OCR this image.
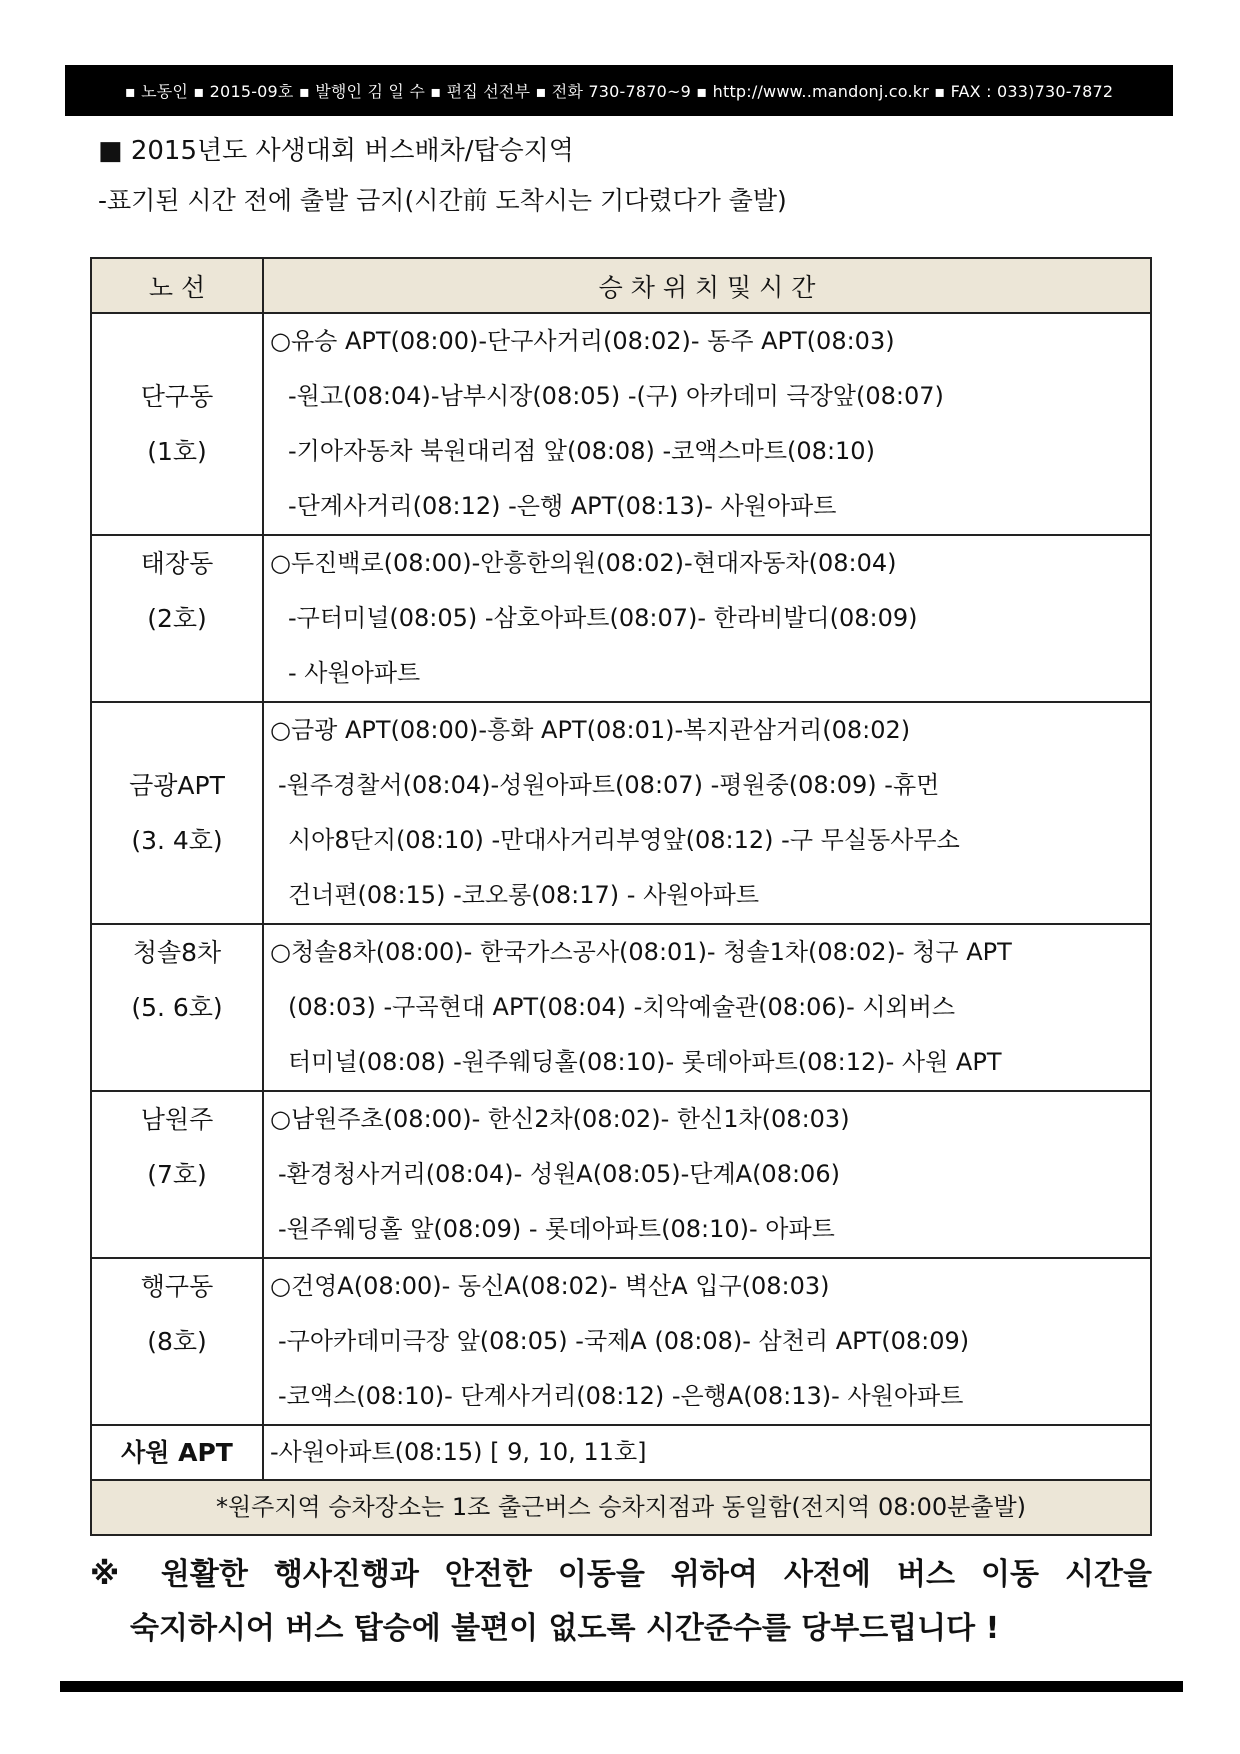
▪ 노동인 ▪ 2015-09호 ▪ 발행인 김 일 수 ▪ 편집 선전부 ▪ 전화 730-7870~9 ▪ http://www..mandonj.co.kr ▪ FAX : 033)730-7872
■ 2015년도 사생대회 버스배차/탑승지역
-표기된 시간 전에 출발 금지(시간前 도착시는 기다렸다가 출발)
노 선	승 차 위 치 및 시 간

단구동
(1호)	○유승 APT(08:00)-단구사거리(08:02)- 동주 APT(08:03)
-원고(08:04)-남부시장(08:05) -(구) 아카데미 극장앞(08:07)
-기아자동차 북원대리점 앞(08:08) -코액스마트(08:10)
-단계사거리(08:12) -은행 APT(08:13)- 사원아파트

태장동
(2호)	○두진백로(08:00)-안흥한의원(08:02)-현대자동차(08:04)
-구터미널(08:05) -삼호아파트(08:07)- 한라비발디(08:09)
- 사원아파트

금광APT
(3. 4호)	○금광 APT(08:00)-흥화 APT(08:01)-복지관삼거리(08:02)
-원주경찰서(08:04)-성원아파트(08:07) -평원중(08:09) -휴먼
시아8단지(08:10) -만대사거리부영앞(08:12) -구 무실동사무소
건너편(08:15) -코오롱(08:17) - 사원아파트

청솔8차
(5. 6호)	○청솔8차(08:00)- 한국가스공사(08:01)- 청솔1차(08:02)- 청구 APT
(08:03) -구곡현대 APT(08:04) -치악예술관(08:06)- 시외버스
터미널(08:08) -원주웨딩홀(08:10)- 롯데아파트(08:12)- 사원 APT

남원주
(7호)	○남원주초(08:00)- 한신2차(08:02)- 한신1차(08:03)
-환경청사거리(08:04)- 성원A(08:05)-단계A(08:06)
-원주웨딩홀 앞(08:09) - 롯데아파트(08:10)- 아파트

행구동
(8호)	○건영A(08:00)- 동신A(08:02)- 벽산A 입구(08:03)
-구아카데미극장 앞(08:05) -국제A (08:08)- 삼천리 APT(08:09)
-코액스(08:10)- 단계사거리(08:12) -은행A(08:13)- 사원아파트

사원 APT	-사원아파트(08:15) [ 9, 10, 11호]

*원주지역 승차장소는 1조 출근버스 승차지점과 동일함(전지역 08:00분출발)	
※ 원활한 행사진행과 안전한 이동을 위하여 사전에 버스 이동 시간을
숙지하시어 버스 탑승에 불편이 없도록 시간준수를 당부드립니다 !
